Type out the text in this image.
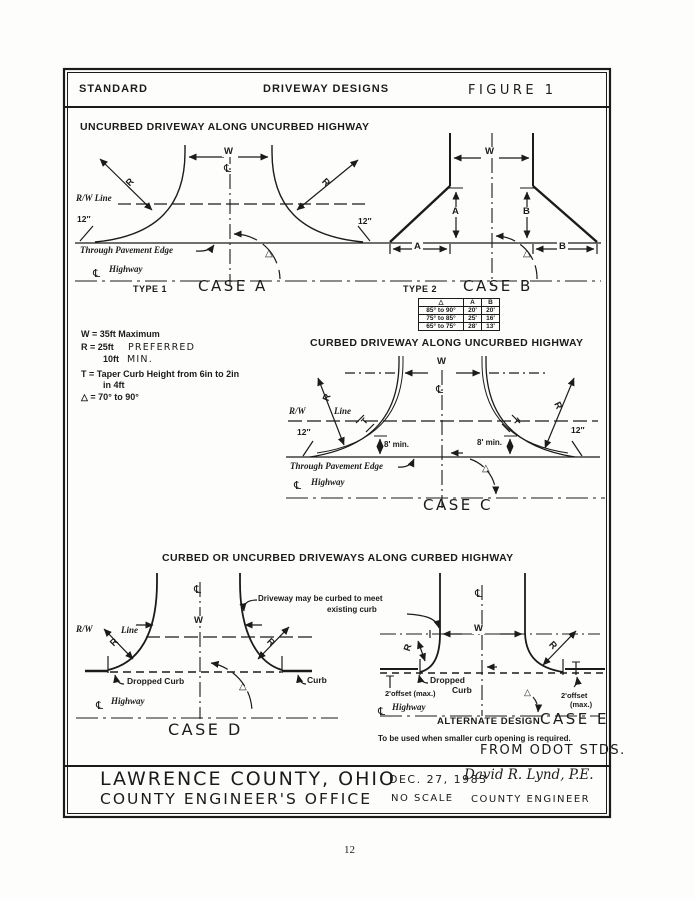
STANDARD	DRIVEWAY DESIGNS	FIGURE 1
UNCURBED DRIVEWAY ALONG UNCURBED HIGHWAY
W
R	R
R/W Line
12″	12″
Through Pavement Edge
℄
△
℄ Highway
TYPE 1 CASE A
W
A	B
A	B
△
TYPE 2 CASE B
△	A	B
85° to 90°	20'	20'
75° to 85°	25'	16'
65° to 75°	28'	13'
W = 35ft Maximum
R = 25ft PREFERRED
10ft MIN.
T = Taper Curb Height from 6in to 2in
in 4ft
△ = 70° to 90°
CURBED DRIVEWAY ALONG UNCURBED HIGHWAY
W
℄
R/W	Line
R
R
T	T
12″	12″
8' min.	8' min.
Through Pavement Edge	△
℄ Highway
CASE C
CURBED OR UNCURBED DRIVEWAYS ALONG CURBED HIGHWAY
Driveway may be curbed to meet
existing curb
℄
W
R/W	Line
R	R
Dropped Curb	Curb
△
℄ Highway
CASE D
℄
W
R	R
Dropped
Curb
2'offset (max.)	2'offset
(max.)
℄ Highway
△
ALTERNATE DESIGN CASE E
To be used when smaller curb opening is required.
FROM ODOT STDS.
LAWRENCE COUNTY, OHIO
COUNTY ENGINEER'S OFFICE
DEC. 27, 1983
NO SCALE
David R. Lynd, P.E.
COUNTY ENGINEER
12
